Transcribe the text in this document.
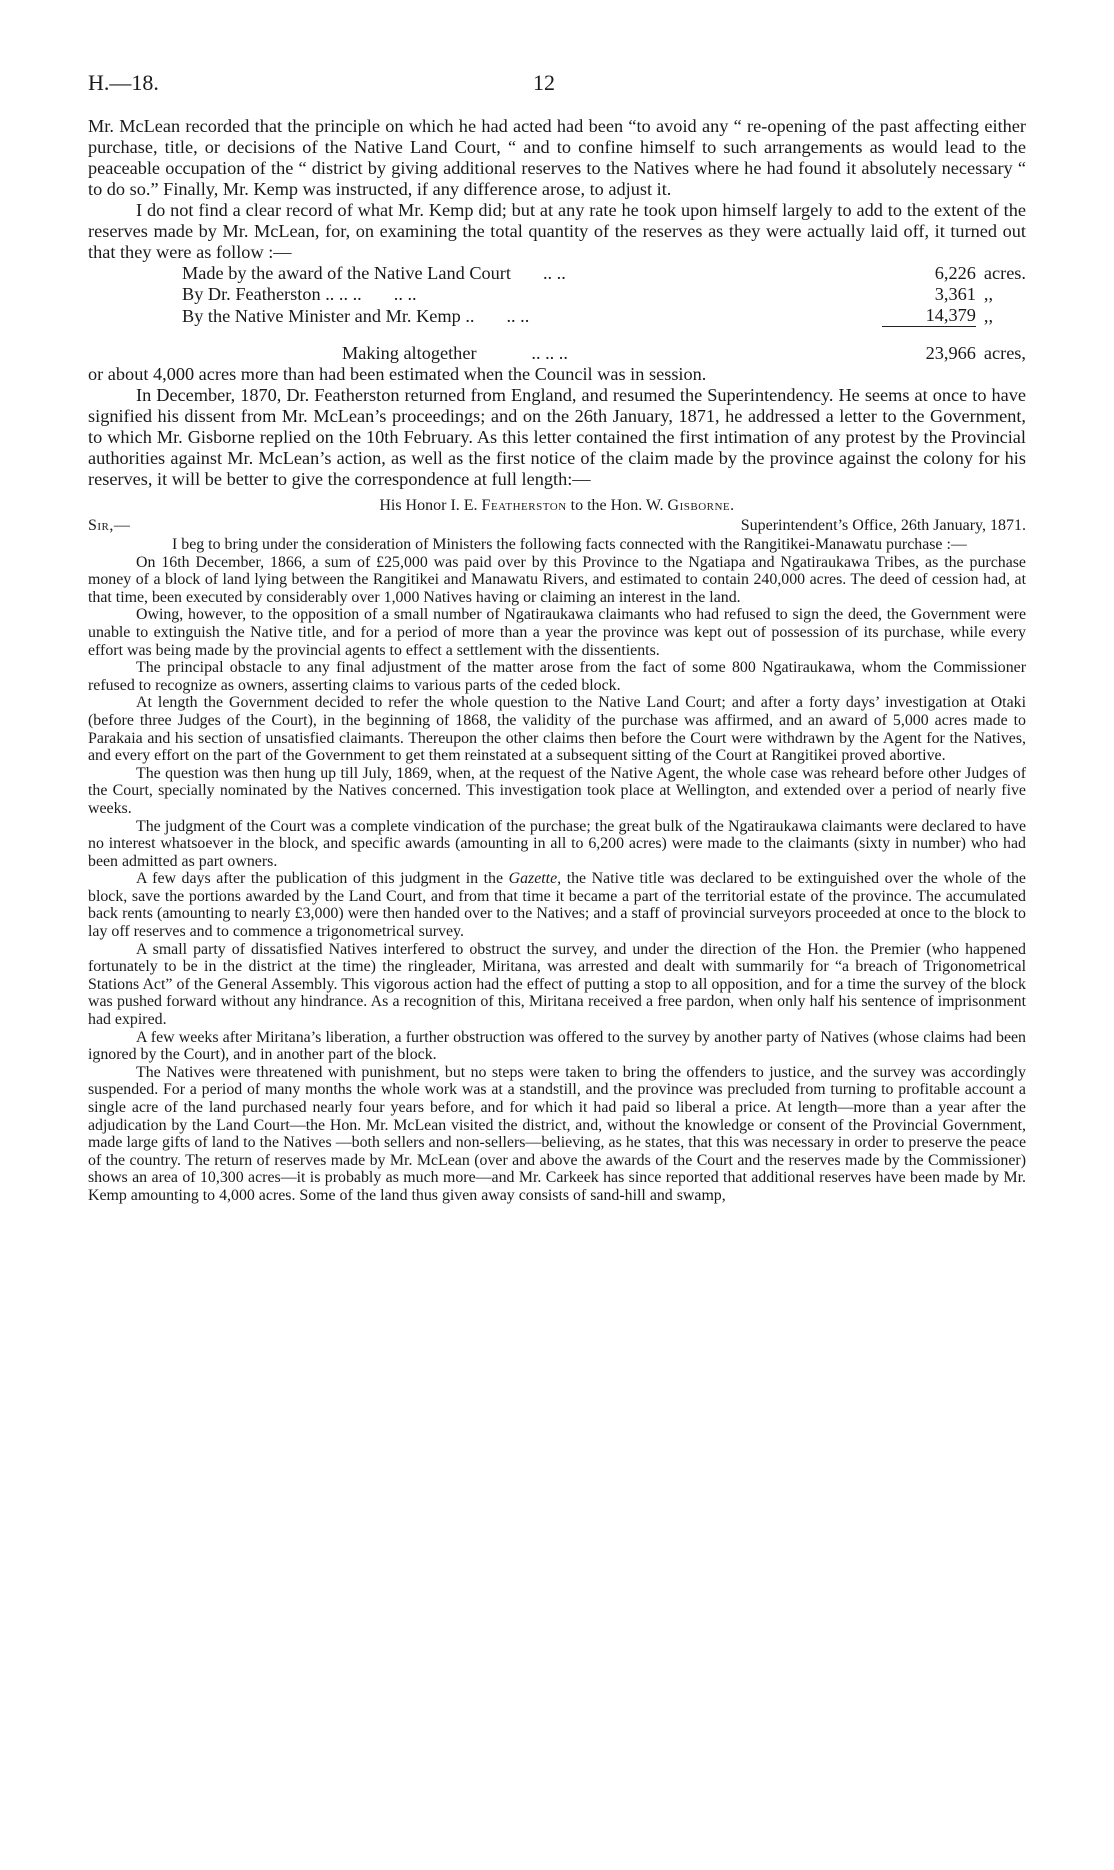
H.—18.	12

Mr. McLean recorded that the principle on which he had acted had been “to avoid any “ re-opening of the past affecting either purchase, title, or decisions of the Native Land Court, “ and to confine himself to such arrangements as would lead to the peaceable occupation of the “ district by giving additional reserves to the Natives where he had found it absolutely necessary “ to do so.” Finally, Mr. Kemp was instructed, if any difference arose, to adjust it.

I do not find a clear record of what Mr. Kemp did; but at any rate he took upon himself largely to add to the extent of the reserves made by Mr. McLean, for, on examining the total quantity of the reserves as they were actually laid off, it turned out that they were as follow :—

Made by the award of the Native Land Court .. ..	6,226	acres.
By Dr. Featherston .. .. .. .. ..	3,361	,,
By the Native Minister and Mr. Kemp .. .. ..	14,379	,,

Making altogether .. .. ..	23,966	acres,

or about 4,000 acres more than had been estimated when the Council was in session.

In December, 1870, Dr. Featherston returned from England, and resumed the Superintendency. He seems at once to have signified his dissent from Mr. McLean’s proceedings; and on the 26th January, 1871, he addressed a letter to the Government, to which Mr. Gisborne replied on the 10th February. As this letter contained the first intimation of any protest by the Provincial authorities against Mr. McLean’s action, as well as the first notice of the claim made by the province against the colony for his reserves, it will be better to give the correspondence at full length:—

His Honor I. E. Featherston to the Hon. W. Gisborne.
Sir,—	Superintendent’s Office, 26th January, 1871.

I beg to bring under the consideration of Ministers the following facts connected with the Rangitikei-Manawatu purchase :—

On 16th December, 1866, a sum of £25,000 was paid over by this Province to the Ngatiapa and Ngatiraukawa Tribes, as the purchase money of a block of land lying between the Rangitikei and Manawatu Rivers, and estimated to contain 240,000 acres. The deed of cession had, at that time, been executed by considerably over 1,000 Natives having or claiming an interest in the land.

Owing, however, to the opposition of a small number of Ngatiraukawa claimants who had refused to sign the deed, the Government were unable to extinguish the Native title, and for a period of more than a year the province was kept out of possession of its purchase, while every effort was being made by the provincial agents to effect a settlement with the dissentients.

The principal obstacle to any final adjustment of the matter arose from the fact of some 800 Ngatiraukawa, whom the Commissioner refused to recognize as owners, asserting claims to various parts of the ceded block.

At length the Government decided to refer the whole question to the Native Land Court; and after a forty days’ investigation at Otaki (before three Judges of the Court), in the beginning of 1868, the validity of the purchase was affirmed, and an award of 5,000 acres made to Parakaia and his section of unsatisfied claimants. Thereupon the other claims then before the Court were withdrawn by the Agent for the Natives, and every effort on the part of the Government to get them reinstated at a subsequent sitting of the Court at Rangitikei proved abortive.

The question was then hung up till July, 1869, when, at the request of the Native Agent, the whole case was reheard before other Judges of the Court, specially nominated by the Natives concerned. This investigation took place at Wellington, and extended over a period of nearly five weeks.

The judgment of the Court was a complete vindication of the purchase; the great bulk of the Ngatiraukawa claimants were declared to have no interest whatsoever in the block, and specific awards (amounting in all to 6,200 acres) were made to the claimants (sixty in number) who had been admitted as part owners.

A few days after the publication of this judgment in the Gazette, the Native title was declared to be extinguished over the whole of the block, save the portions awarded by the Land Court, and from that time it became a part of the territorial estate of the province. The accumulated back rents (amounting to nearly £3,000) were then handed over to the Natives; and a staff of provincial surveyors proceeded at once to the block to lay off reserves and to commence a trigonometrical survey.

A small party of dissatisfied Natives interfered to obstruct the survey, and under the direction of the Hon. the Premier (who happened fortunately to be in the district at the time) the ringleader, Miritana, was arrested and dealt with summarily for “a breach of Trigonometrical Stations Act” of the General Assembly. This vigorous action had the effect of putting a stop to all opposition, and for a time the survey of the block was pushed forward without any hindrance. As a recognition of this, Miritana received a free pardon, when only half his sentence of imprisonment had expired.

A few weeks after Miritana’s liberation, a further obstruction was offered to the survey by another party of Natives (whose claims had been ignored by the Court), and in another part of the block.

The Natives were threatened with punishment, but no steps were taken to bring the offenders to justice, and the survey was accordingly suspended. For a period of many months the whole work was at a standstill, and the province was precluded from turning to profitable account a single acre of the land purchased nearly four years before, and for which it had paid so liberal a price. At length—more than a year after the adjudication by the Land Court—the Hon. Mr. McLean visited the district, and, without the knowledge or consent of the Provincial Government, made large gifts of land to the Natives —both sellers and non-sellers—believing, as he states, that this was necessary in order to preserve the peace of the country. The return of reserves made by Mr. McLean (over and above the awards of the Court and the reserves made by the Commissioner) shows an area of 10,300 acres—it is probably as much more—and Mr. Carkeek has since reported that additional reserves have been made by Mr. Kemp amounting to 4,000 acres. Some of the land thus given away consists of sand-hill and swamp,
